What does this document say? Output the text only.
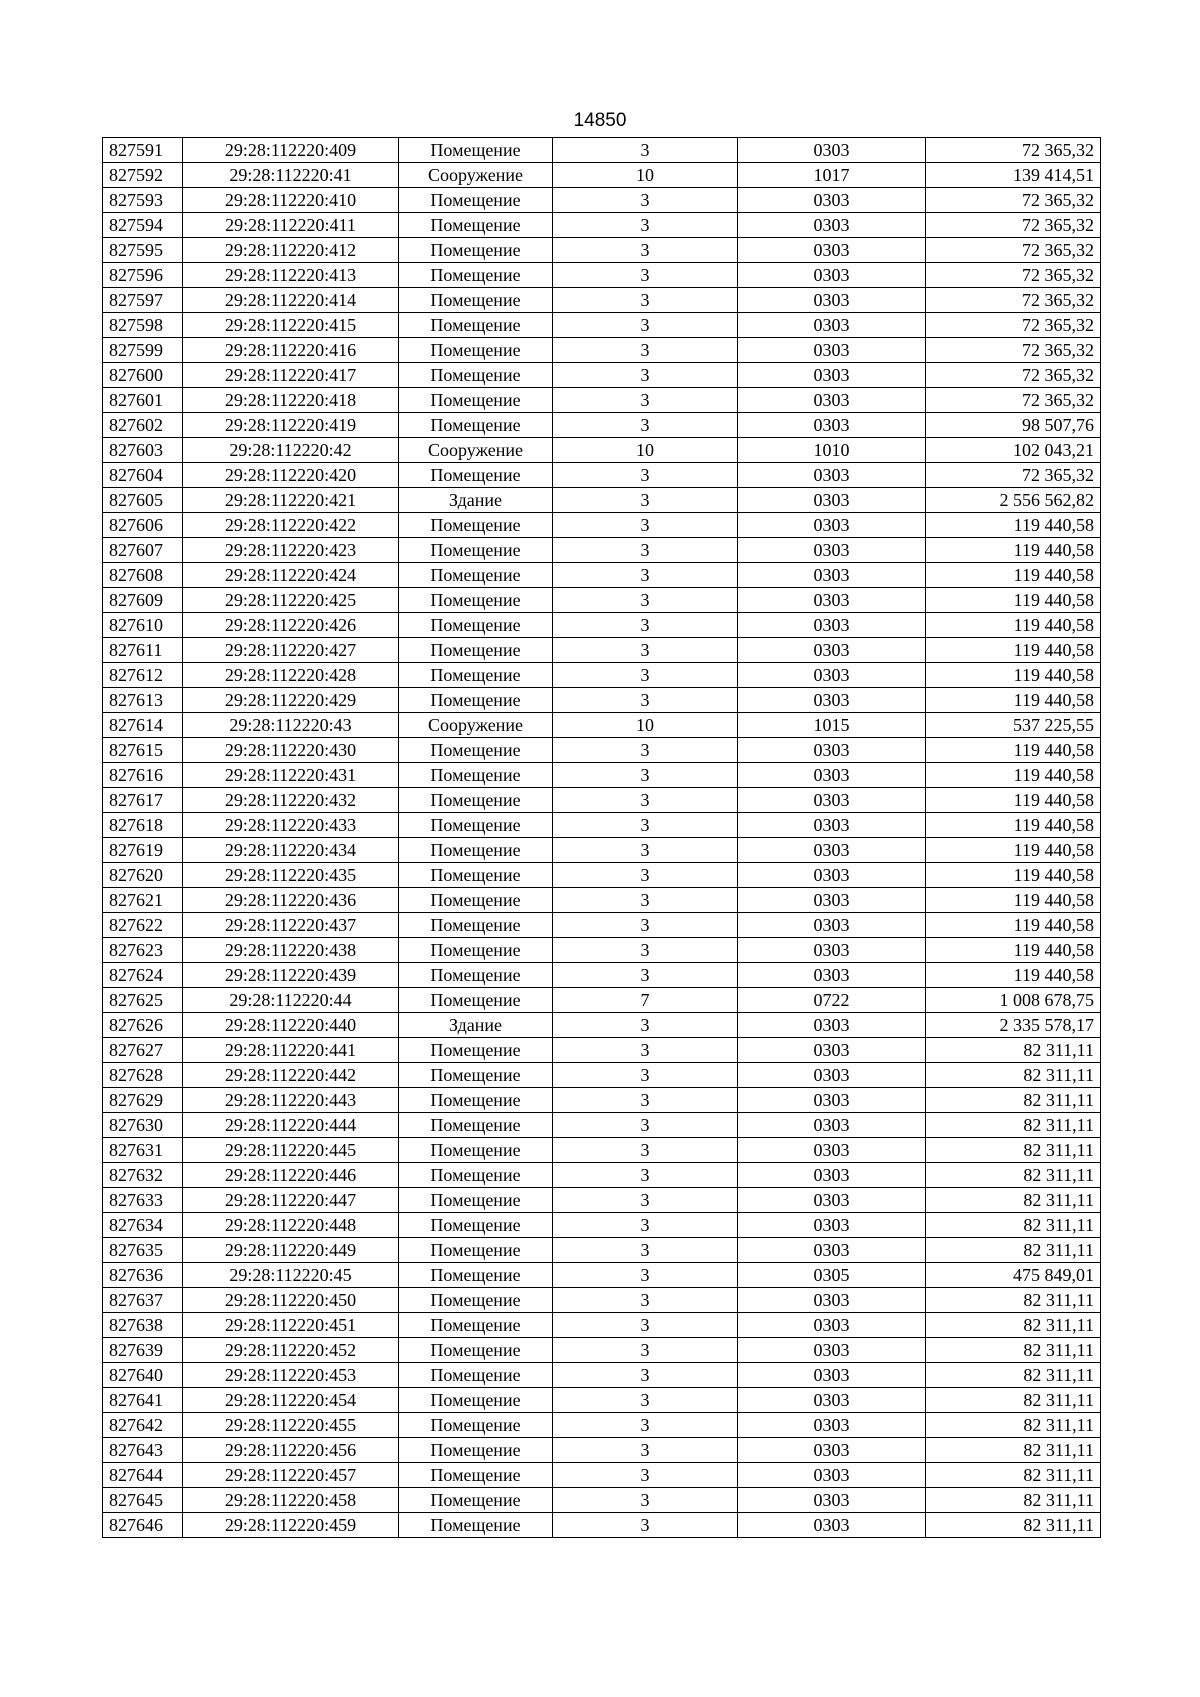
14850
827591	29:28:112220:409	Помещение	3	0303	72 365,32
827592	29:28:112220:41	Сооружение	10	1017	139 414,51
827593	29:28:112220:410	Помещение	3	0303	72 365,32
827594	29:28:112220:411	Помещение	3	0303	72 365,32
827595	29:28:112220:412	Помещение	3	0303	72 365,32
827596	29:28:112220:413	Помещение	3	0303	72 365,32
827597	29:28:112220:414	Помещение	3	0303	72 365,32
827598	29:28:112220:415	Помещение	3	0303	72 365,32
827599	29:28:112220:416	Помещение	3	0303	72 365,32
827600	29:28:112220:417	Помещение	3	0303	72 365,32
827601	29:28:112220:418	Помещение	3	0303	72 365,32
827602	29:28:112220:419	Помещение	3	0303	98 507,76
827603	29:28:112220:42	Сооружение	10	1010	102 043,21
827604	29:28:112220:420	Помещение	3	0303	72 365,32
827605	29:28:112220:421	Здание	3	0303	2 556 562,82
827606	29:28:112220:422	Помещение	3	0303	119 440,58
827607	29:28:112220:423	Помещение	3	0303	119 440,58
827608	29:28:112220:424	Помещение	3	0303	119 440,58
827609	29:28:112220:425	Помещение	3	0303	119 440,58
827610	29:28:112220:426	Помещение	3	0303	119 440,58
827611	29:28:112220:427	Помещение	3	0303	119 440,58
827612	29:28:112220:428	Помещение	3	0303	119 440,58
827613	29:28:112220:429	Помещение	3	0303	119 440,58
827614	29:28:112220:43	Сооружение	10	1015	537 225,55
827615	29:28:112220:430	Помещение	3	0303	119 440,58
827616	29:28:112220:431	Помещение	3	0303	119 440,58
827617	29:28:112220:432	Помещение	3	0303	119 440,58
827618	29:28:112220:433	Помещение	3	0303	119 440,58
827619	29:28:112220:434	Помещение	3	0303	119 440,58
827620	29:28:112220:435	Помещение	3	0303	119 440,58
827621	29:28:112220:436	Помещение	3	0303	119 440,58
827622	29:28:112220:437	Помещение	3	0303	119 440,58
827623	29:28:112220:438	Помещение	3	0303	119 440,58
827624	29:28:112220:439	Помещение	3	0303	119 440,58
827625	29:28:112220:44	Помещение	7	0722	1 008 678,75
827626	29:28:112220:440	Здание	3	0303	2 335 578,17
827627	29:28:112220:441	Помещение	3	0303	82 311,11
827628	29:28:112220:442	Помещение	3	0303	82 311,11
827629	29:28:112220:443	Помещение	3	0303	82 311,11
827630	29:28:112220:444	Помещение	3	0303	82 311,11
827631	29:28:112220:445	Помещение	3	0303	82 311,11
827632	29:28:112220:446	Помещение	3	0303	82 311,11
827633	29:28:112220:447	Помещение	3	0303	82 311,11
827634	29:28:112220:448	Помещение	3	0303	82 311,11
827635	29:28:112220:449	Помещение	3	0303	82 311,11
827636	29:28:112220:45	Помещение	3	0305	475 849,01
827637	29:28:112220:450	Помещение	3	0303	82 311,11
827638	29:28:112220:451	Помещение	3	0303	82 311,11
827639	29:28:112220:452	Помещение	3	0303	82 311,11
827640	29:28:112220:453	Помещение	3	0303	82 311,11
827641	29:28:112220:454	Помещение	3	0303	82 311,11
827642	29:28:112220:455	Помещение	3	0303	82 311,11
827643	29:28:112220:456	Помещение	3	0303	82 311,11
827644	29:28:112220:457	Помещение	3	0303	82 311,11
827645	29:28:112220:458	Помещение	3	0303	82 311,11
827646	29:28:112220:459	Помещение	3	0303	82 311,11
